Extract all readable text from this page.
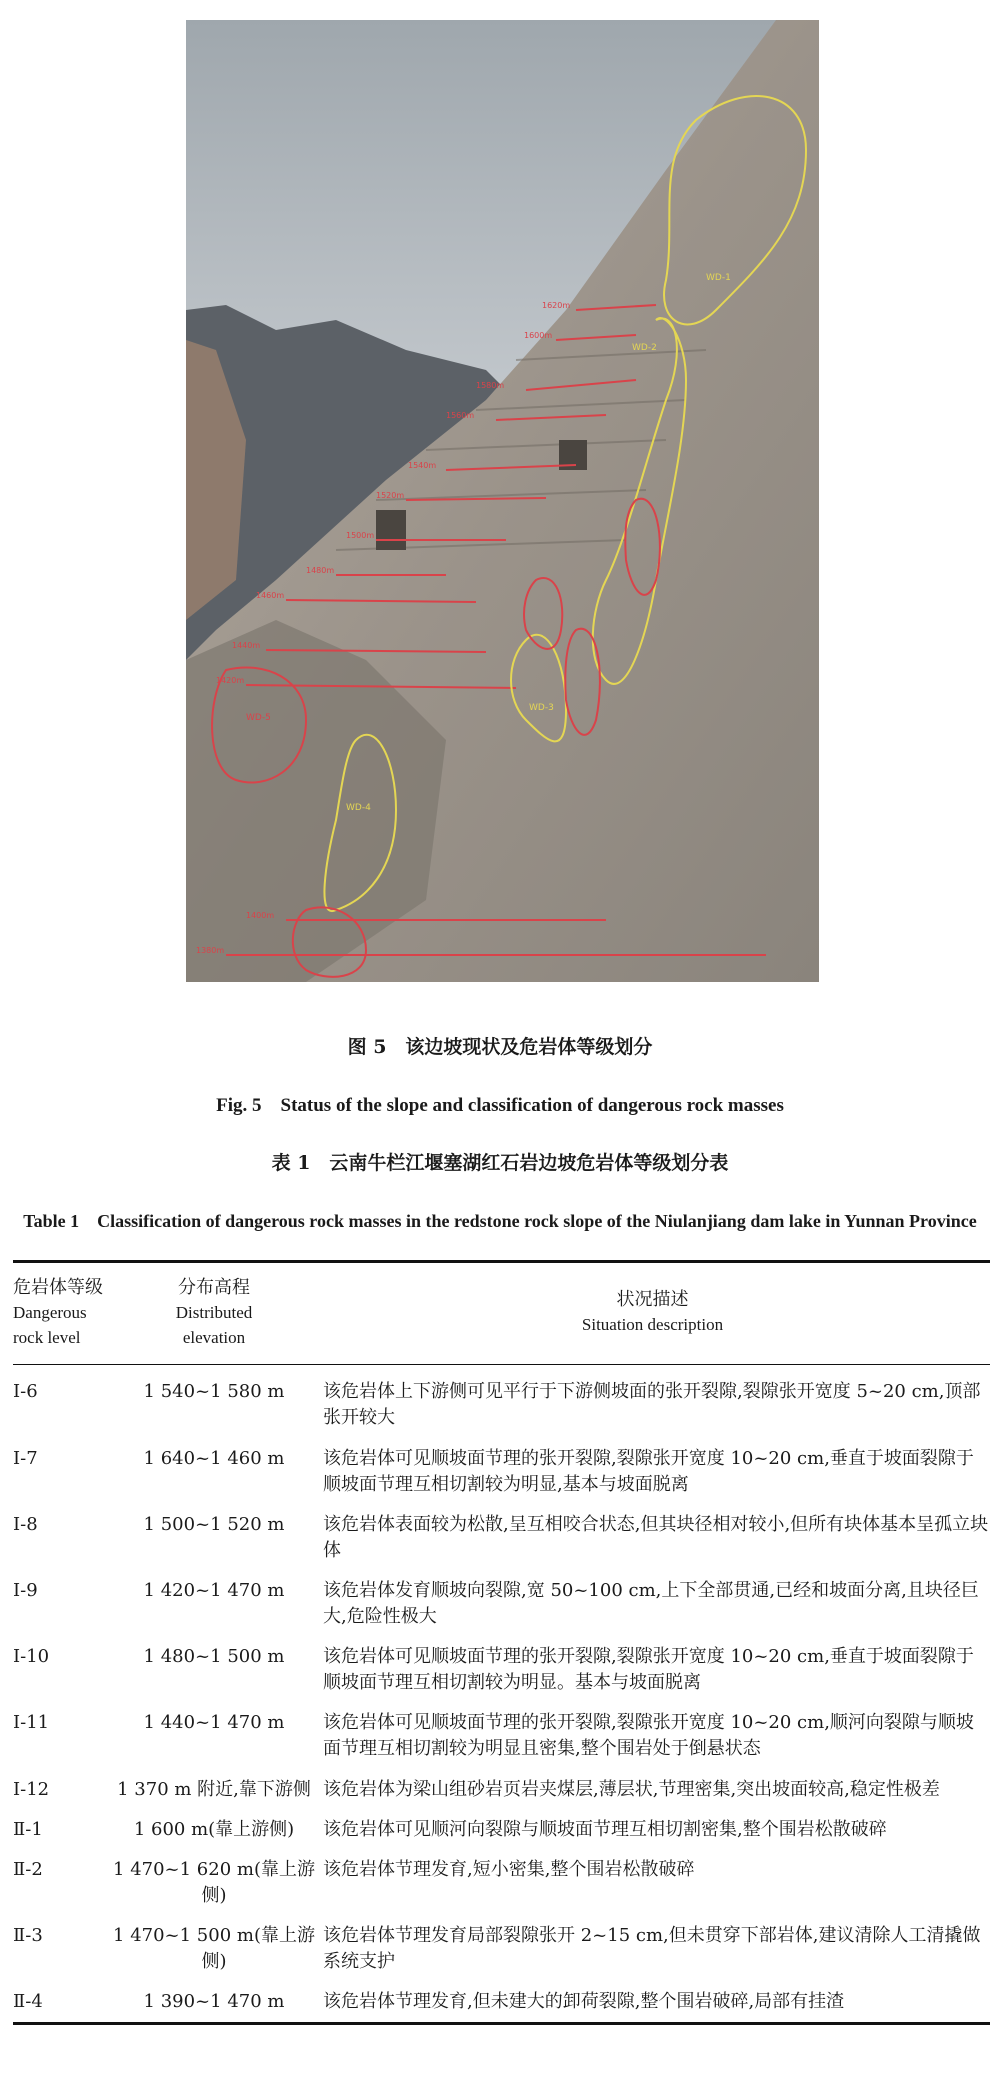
1620m
1600m
1580m
1560m
1540m
1520m
1500m
1480m
1460m
1440m
1420m
1400m
1380m
WD-1
WD-2
WD-3
WD-4
WD-5
图 5　该边坡现状及危岩体等级划分
Fig. 5　Status of the slope and classification of dangerous rock masses
表 1　云南牛栏江堰塞湖红石岩边坡危岩体等级划分表
Table 1　Classification of dangerous rock masses in the redstone rock slope of the Niulanjiang dam lake in Yunnan Province
危岩体等级
Dangerous
rock level	分布高程
Distributed
elevation	状况描述
Situation description

Ⅰ-6	1 540~1 580 m	该危岩体上下游侧可见平行于下游侧坡面的张开裂隙,裂隙张开宽度 5~20 cm,顶部张开较大
Ⅰ-7	1 640~1 460 m	该危岩体可见顺坡面节理的张开裂隙,裂隙张开宽度 10~20 cm,垂直于坡面裂隙于顺坡面节理互相切割较为明显,基本与坡面脱离
Ⅰ-8	1 500~1 520 m	该危岩体表面较为松散,呈互相咬合状态,但其块径相对较小,但所有块体基本呈孤立块体
Ⅰ-9	1 420~1 470 m	该危岩体发育顺坡向裂隙,宽 50~100 cm,上下全部贯通,已经和坡面分离,且块径巨大,危险性极大
Ⅰ-10	1 480~1 500 m	该危岩体可见顺坡面节理的张开裂隙,裂隙张开宽度 10~20 cm,垂直于坡面裂隙于顺坡面节理互相切割较为明显。基本与坡面脱离
Ⅰ-11	1 440~1 470 m	该危岩体可见顺坡面节理的张开裂隙,裂隙张开宽度 10~20 cm,顺河向裂隙与顺坡面节理互相切割较为明显且密集,整个围岩处于倒悬状态
Ⅰ-12	1 370 m 附近,靠下游侧	该危岩体为梁山组砂岩页岩夹煤层,薄层状,节理密集,突出坡面较高,稳定性极差
Ⅱ-1	1 600 m(靠上游侧)	该危岩体可见顺河向裂隙与顺坡面节理互相切割密集,整个围岩松散破碎
Ⅱ-2	1 470~1 620 m(靠上游侧)	该危岩体节理发育,短小密集,整个围岩松散破碎
Ⅱ-3	1 470~1 500 m(靠上游侧)	该危岩体节理发育局部裂隙张开 2~15 cm,但未贯穿下部岩体,建议清除人工清撬做系统支护
Ⅱ-4	1 390~1 470 m	该危岩体节理发育,但未建大的卸荷裂隙,整个围岩破碎,局部有挂渣
